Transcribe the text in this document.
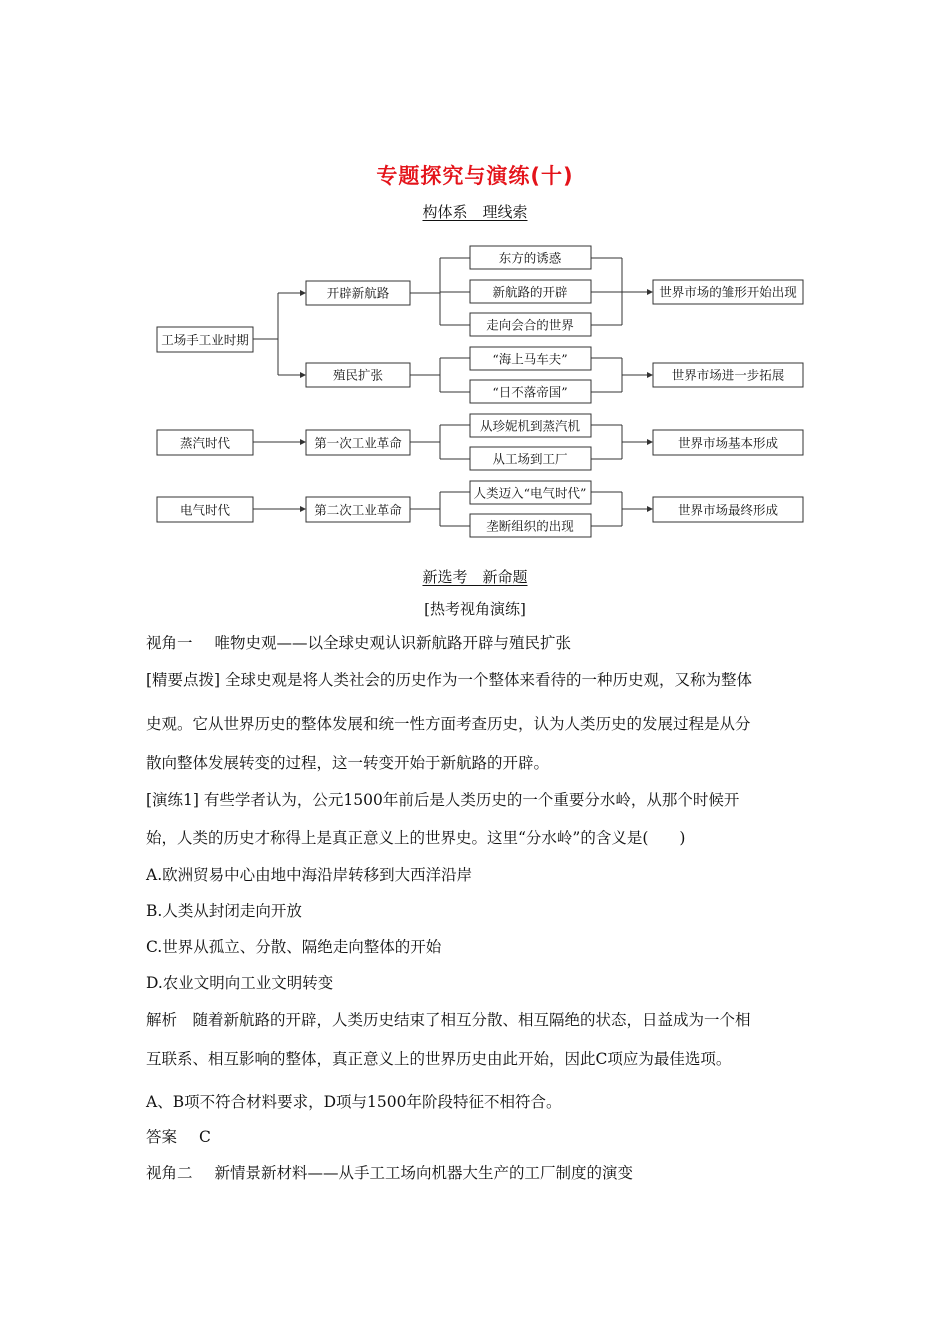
专题探究与演练(十)
构体系　理线索
工场手工业时期
蒸汽时代
电气时代
开辟新航路
殖民扩张
第一次工业革命
第二次工业革命
东方的诱惑
新航路的开辟
走向会合的世界
“海上马车夫”
“日不落帝国”
从珍妮机到蒸汽机
从工场到工厂
人类迈入“电气时代”
垄断组织的出现
世界市场的雏形开始出现
世界市场进一步拓展
世界市场基本形成
世界市场最终形成
新选考　新命题
[热考视角演练]
视角一 唯物史观——以全球史观认识新航路开辟与殖民扩张
[精要点拨] 全球史观是将人类社会的历史作为一个整体来看待的一种历史观，又称为整体
史观。它从世界历史的整体发展和统一性方面考查历史，认为人类历史的发展过程是从分
散向整体发展转变的过程，这一转变开始于新航路的开辟。
[演练1] 有些学者认为，公元1500年前后是人类历史的一个重要分水岭，从那个时候开
始，人类的历史才称得上是真正意义上的世界史。这里“分水岭”的含义是(　　)
A.欧洲贸易中心由地中海沿岸转移到大西洋沿岸
B.人类从封闭走向开放
C.世界从孤立、分散、隔绝走向整体的开始
D.农业文明向工业文明转变
解析　随着新航路的开辟，人类历史结束了相互分散、相互隔绝的状态，日益成为一个相
互联系、相互影响的整体，真正意义上的世界历史由此开始，因此C项应为最佳选项。
A、B项不符合材料要求，D项与1500年阶段特征不相符合。
答案 C
视角二 新情景新材料——从手工工场向机器大生产的工厂制度的演变
